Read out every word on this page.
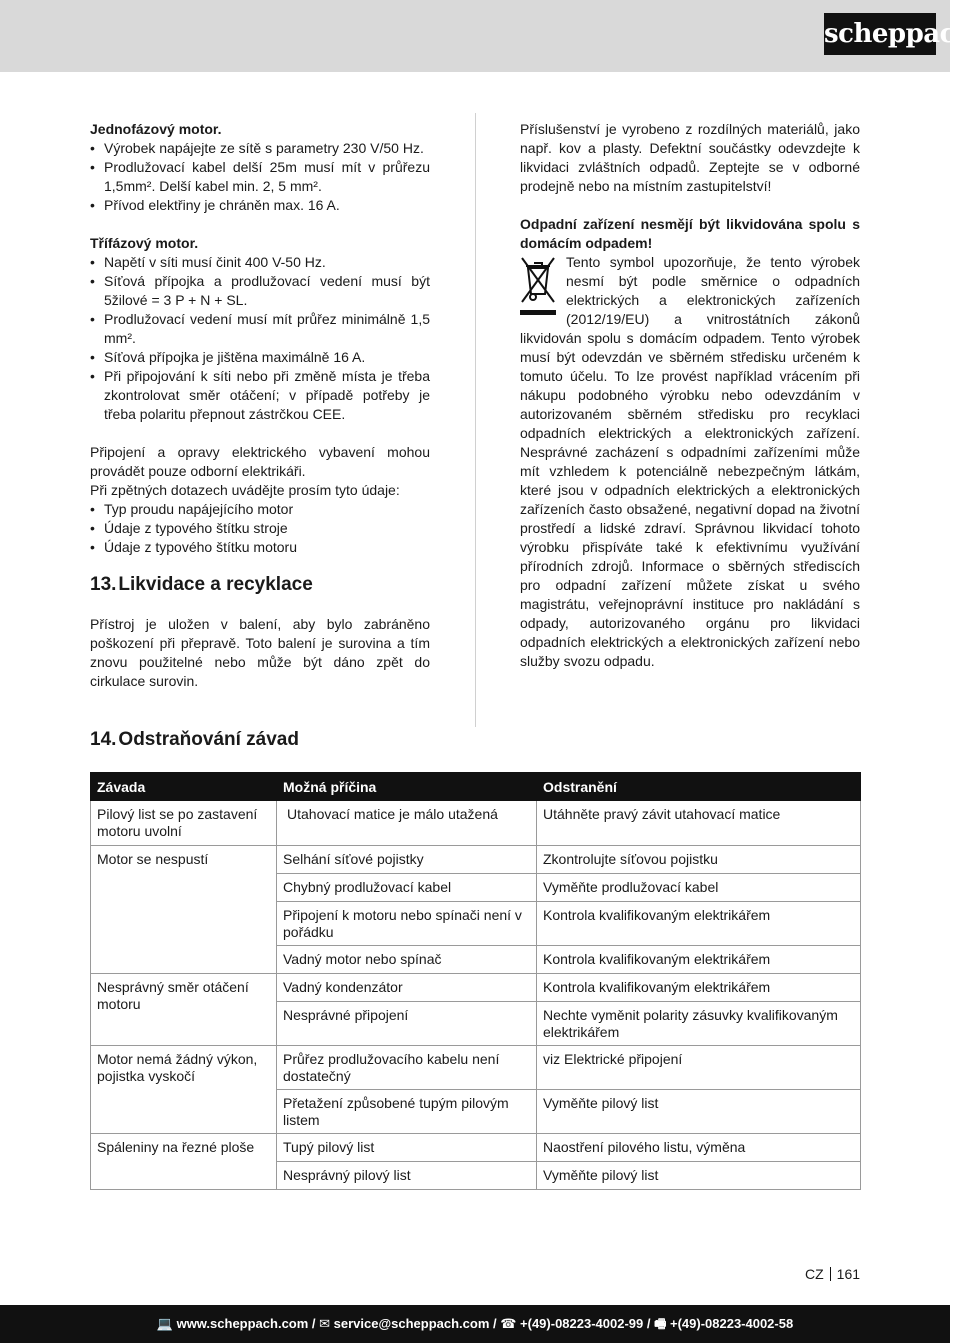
scheppach

Jednofázový motor.

• Výrobek napájejte ze sítě s parametry 230 V/50 Hz.
• Prodlužovací kabel delší 25m musí mít v průřezu 1,5mm². Delší kabel min. 2, 5 mm².
• Přívod elektřiny je chráněn max. 16 A.

Třífázový motor.

• Napětí v síti musí činit 400 V-50 Hz.
• Síťová přípojka a prodlužovací vedení musí být 5žilové = 3 P + N + SL.
• Prodlužovací vedení musí mít průřez minimálně 1,5 mm².
• Síťová přípojka je jištěna maximálně 16 A.
• Při připojování k síti nebo při změně místa je třeba zkontrolovat směr otáčení; v případě potřeby je třeba polaritu přepnout zástrčkou CEE.

Připojení a opravy elektrického vybavení mohou provádět pouze odborní elektrikáři.

Při zpětných dotazech uvádějte prosím tyto údaje:

• Typ proudu napájejícího motor
• Údaje z typového štítku stroje
• Údaje z typového štítku motoru

13. Likvidace a recyklace

Přístroj je uložen v balení, aby bylo zabráněno poškození při přepravě. Toto balení je surovina a tím znovu použitelné nebo může být dáno zpět do cirkulace surovin.

Příslušenství je vyrobeno z rozdílných materiálů, jako např. kov a plasty. Defektní součástky odevzdejte k likvidaci zvláštních odpadů. Zeptejte se v odborné prodejně nebo na místním zastupitelství!

Odpadní zařízení nesmějí být likvidována spolu s domácím odpadem!

Tento symbol upozorňuje, že tento výrobek nesmí být podle směrnice o odpadních elektrických a elektronických zařízeních (2012/19/EU) a vnitrostátních zákonů likvidován spolu s domácím odpadem. Tento výrobek musí být odevzdán ve sběrném středisku určeném k tomuto účelu. To lze provést například vrácením při nákupu podobného výrobku nebo odevzdáním v autorizovaném sběrném středisku pro recyklaci odpadních elektrických a elektronických zařízení. Nesprávné zacházení s odpadními zařízeními může mít vzhledem k potenciálně nebezpečným látkám, které jsou v odpadních elektrických a elektronických zařízeních často obsažené, negativní dopad na životní prostředí a lidské zdraví. Správnou likvidací tohoto výrobku přispíváte také k efektivnímu využívání přírodních zdrojů. Informace o sběrných střediscích pro odpadní zařízení můžete získat u svého magistrátu, veřejnoprávní instituce pro nakládání s odpady, autorizovaného orgánu pro likvidaci odpadních elektrických a elektronických zařízení nebo služby svozu odpadu.

14. Odstraňování závad

Závada	Možná příčina	Odstranění
Pilový list se po zastavení motoru uvolní	Utahovací matice je málo utažená	Utáhněte pravý závit utahovací matice
Motor se nespustí	Selhání síťové pojistky	Zkontrolujte síťovou pojistku
	Chybný prodlužovací kabel	Vyměňte prodlužovací kabel
	Připojení k motoru nebo spínači není v pořádku	Kontrola kvalifikovaným elektrikářem
	Vadný motor nebo spínač	Kontrola kvalifikovaným elektrikářem
Nesprávný směr otáčení motoru	Vadný kondenzátor	Kontrola kvalifikovaným elektrikářem
	Nesprávné připojení	Nechte vyměnit polarity zásuvky kvalifikovaným elektrikářem
Motor nemá žádný výkon, pojistka vyskočí	Průřez prodlužovacího kabelu není dostatečný	viz Elektrické připojení
	Přetažení způsobené tupým pilovým listem	Vyměňte pilový list
Spáleniny na řezné ploše	Tupý pilový list	Naostření pilového listu, výměna
	Nesprávný pilový list	Vyměňte pilový list
CZ 161
💻 www.scheppach.com / ✉ service@scheppach.com / ☎ +(49)-08223-4002-99 / 🖷 +(49)-08223-4002-58
